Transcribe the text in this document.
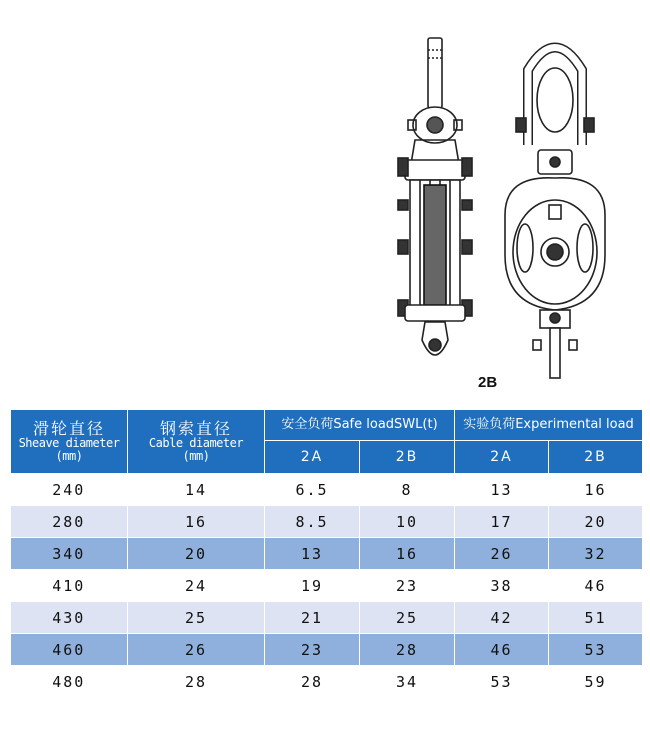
2B
滑轮直径
Sheave diameter
(mm)	钢索直径
Cable diameter
(mm)	安全负荷Safe loadSWL(t)		实验负荷Experimental load	
		2A	2B	2A	2B
240	14	6.5	8	13	16
280	16	8.5	10	17	20
340	20	13	16	26	32
410	24	19	23	38	46
430	25	21	25	42	51
460	26	23	28	46	53
480	28	28	34	53	59
